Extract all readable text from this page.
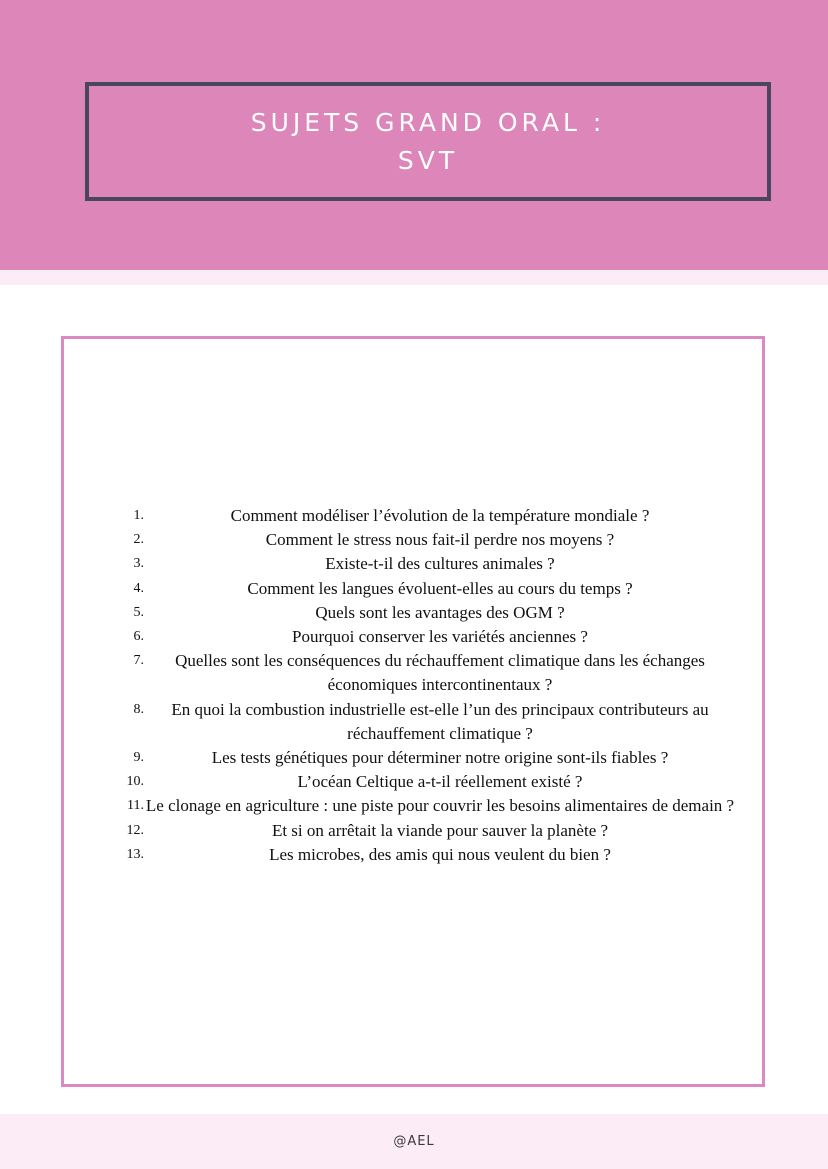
SUJETS GRAND ORAL :
SVT
1.	Comment modéliser l’évolution de la température mondiale ?
2.	Comment le stress nous fait-il perdre nos moyens ?
3.	Existe-t-il des cultures animales ?
4.	Comment les langues évoluent-elles au cours du temps ?
5.	Quels sont les avantages des OGM ?
6.	Pourquoi conserver les variétés anciennes ?
7.	Quelles sont les conséquences du réchauffement climatique dans les échanges économiques intercontinentaux ?
8.	En quoi la combustion industrielle est-elle l’un des principaux contributeurs au réchauffement climatique ?
9.	Les tests génétiques pour déterminer notre origine sont-ils fiables ?
10.	L’océan Celtique a-t-il réellement existé ?
11. Le clonage en agriculture : une piste pour couvrir les besoins alimentaires de demain ?
12.	Et si on arrêtait la viande pour sauver la planète ?
13.	Les microbes, des amis qui nous veulent du bien ?
@AEL
